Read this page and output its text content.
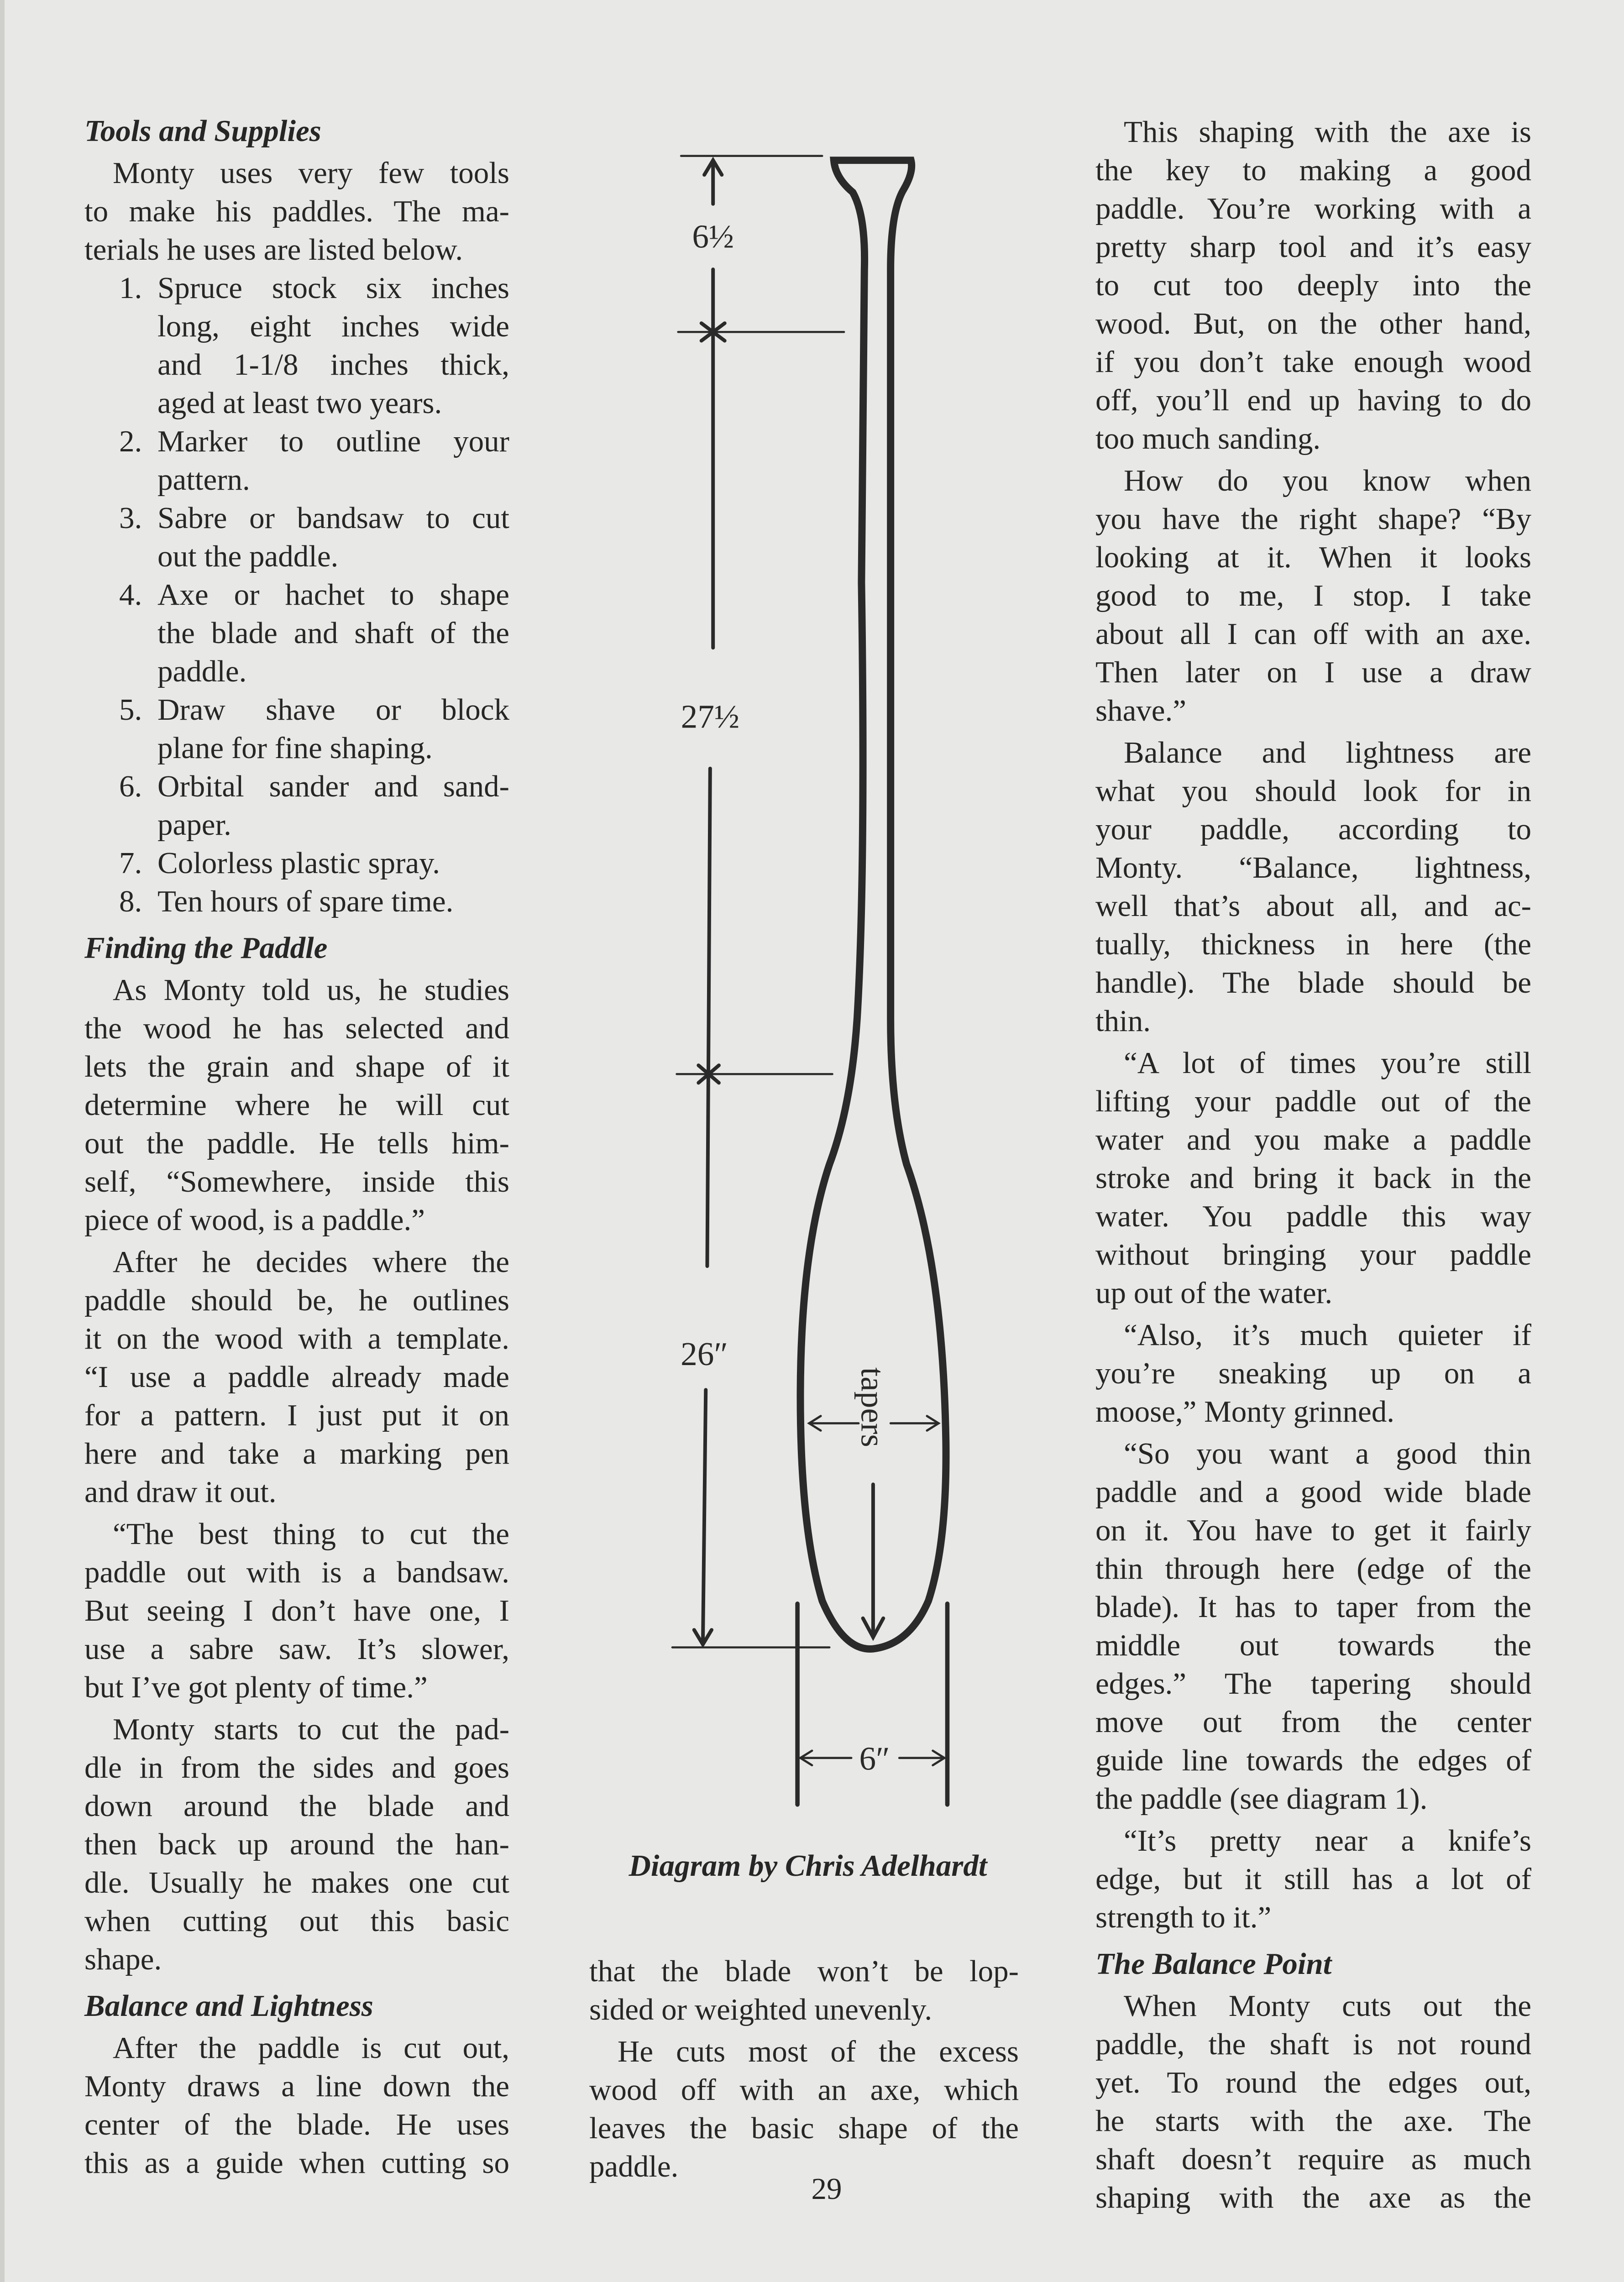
Tools and Supplies
Monty uses very few tools
to make his paddles. The ma-
terials he uses are listed below.
1. Spruce stock six inches
long, eight inches wide
and 1-1/8 inches thick,
aged at least two years.
2. Marker to outline your
pattern.
3. Sabre or bandsaw to cut
out the paddle.
4. Axe or hachet to shape
the blade and shaft of the
paddle.
5. Draw shave or block
plane for fine shaping.
6. Orbital sander and sand-
paper.
7. Colorless plastic spray.
8. Ten hours of spare time.
Finding the Paddle
As Monty told us, he studies
the wood he has selected and
lets the grain and shape of it
determine where he will cut
out the paddle. He tells him-
self, “Somewhere, inside this
piece of wood, is a paddle.”
After he decides where the
paddle should be, he outlines
it on the wood with a template.
“I use a paddle already made
for a pattern. I just put it on
here and take a marking pen
and draw it out.
“The best thing to cut the
paddle out with is a bandsaw.
But seeing I don’t have one, I
use a sabre saw. It’s slower,
but I’ve got plenty of time.”
Monty starts to cut the pad-
dle in from the sides and goes
down around the blade and
then back up around the han-
dle. Usually he makes one cut
when cutting out this basic
shape.
Balance and Lightness
After the paddle is cut out,
Monty draws a line down the
center of the blade. He uses
this as a guide when cutting so
that the blade won’t be lop-
sided or weighted unevenly.
He cuts most of the excess
wood off with an axe, which
leaves the basic shape of the
paddle.
This shaping with the axe is
the key to making a good
paddle. You’re working with a
pretty sharp tool and it’s easy
to cut too deeply into the
wood. But, on the other hand,
if you don’t take enough wood
off, you’ll end up having to do
too much sanding.
How do you know when
you have the right shape? “By
looking at it. When it looks
good to me, I stop. I take
about all I can off with an axe.
Then later on I use a draw
shave.”
Balance and lightness are
what you should look for in
your paddle, according to
Monty. “Balance, lightness,
well that’s about all, and ac-
tually, thickness in here (the
handle). The blade should be
thin.
“A lot of times you’re still
lifting your paddle out of the
water and you make a paddle
stroke and bring it back in the
water. You paddle this way
without bringing your paddle
up out of the water.
“Also, it’s much quieter if
you’re sneaking up on a
moose,” Monty grinned.
“So you want a good thin
paddle and a good wide blade
on it. You have to get it fairly
thin through here (edge of the
blade). It has to taper from the
middle out towards the
edges.” The tapering should
move out from the center
guide line towards the edges of
the paddle (see diagram 1).
“It’s pretty near a knife’s
edge, but it still has a lot of
strength to it.”
The Balance Point
When Monty cuts out the
paddle, the shaft is not round
yet. To round the edges out,
he starts with the axe. The
shaft doesn’t require as much
shaping with the axe as the
6½
27½
26″
6″
tapers
Diagram by Chris Adelhardt
29
